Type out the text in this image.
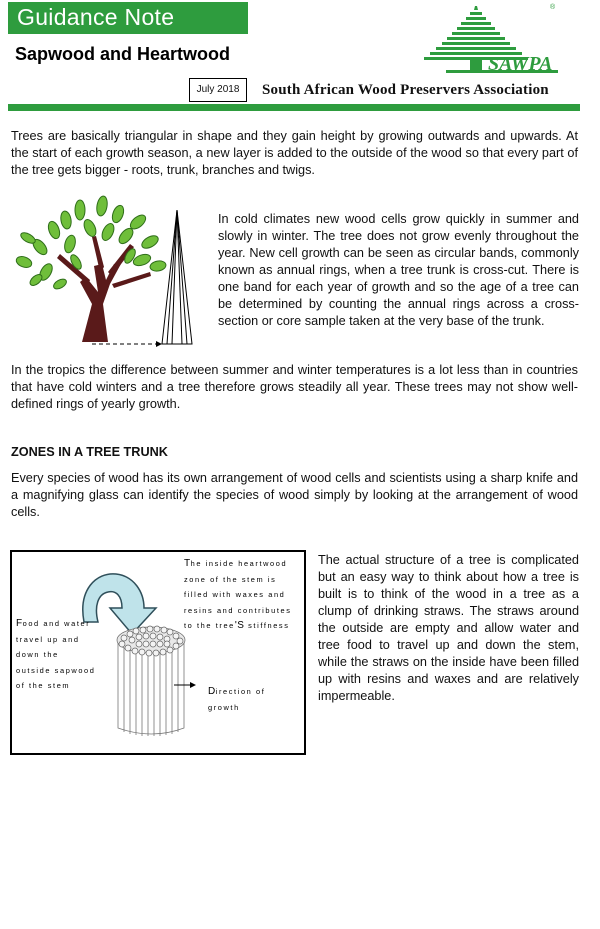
Guidance Note
Sapwood and Heartwood
July 2018	South African Wood Preservers Association
SAWPA
®
Trees are basically triangular in shape and they gain height by growing outwards and upwards. At the start of each growth season, a new layer is added to the outside of the wood so that every part of the tree gets bigger - roots, trunk, branches and twigs.
In cold climates new wood cells grow quickly in summer and slowly in winter. The tree does not grow evenly throughout the year. New cell growth can be seen as circular bands, commonly known as annual rings, when a tree trunk is cross-cut. There is one band for each year of growth and so the age of a tree can be determined by counting the annual rings across a cross-section or core sample taken at the very base of the trunk.
In the tropics the difference between summer and winter temperatures is a lot less than in countries that have cold winters and a tree therefore grows steadily all year. These trees may not show well-defined rings of yearly growth.
ZONES IN A TREE TRUNK
Every species of wood has its own arrangement of wood cells and scientists using a sharp knife and a magnifying glass can identify the species of wood simply by looking at the arrangement of wood cells.
Food and water travel up and down the outside sapwood of the stem
The inside heartwood zone of the stem is filled with waxes and resins and contributes to the tree'S stiffness
Direction of growth
The actual structure of a tree is complicated but an easy way to think about how a tree is built is to think of the wood in a tree as a clump of drinking straws. The straws around the outside are empty and allow water and tree food to travel up and down the stem, while the straws on the inside have been filled up with resins and waxes and are relatively impermeable.
